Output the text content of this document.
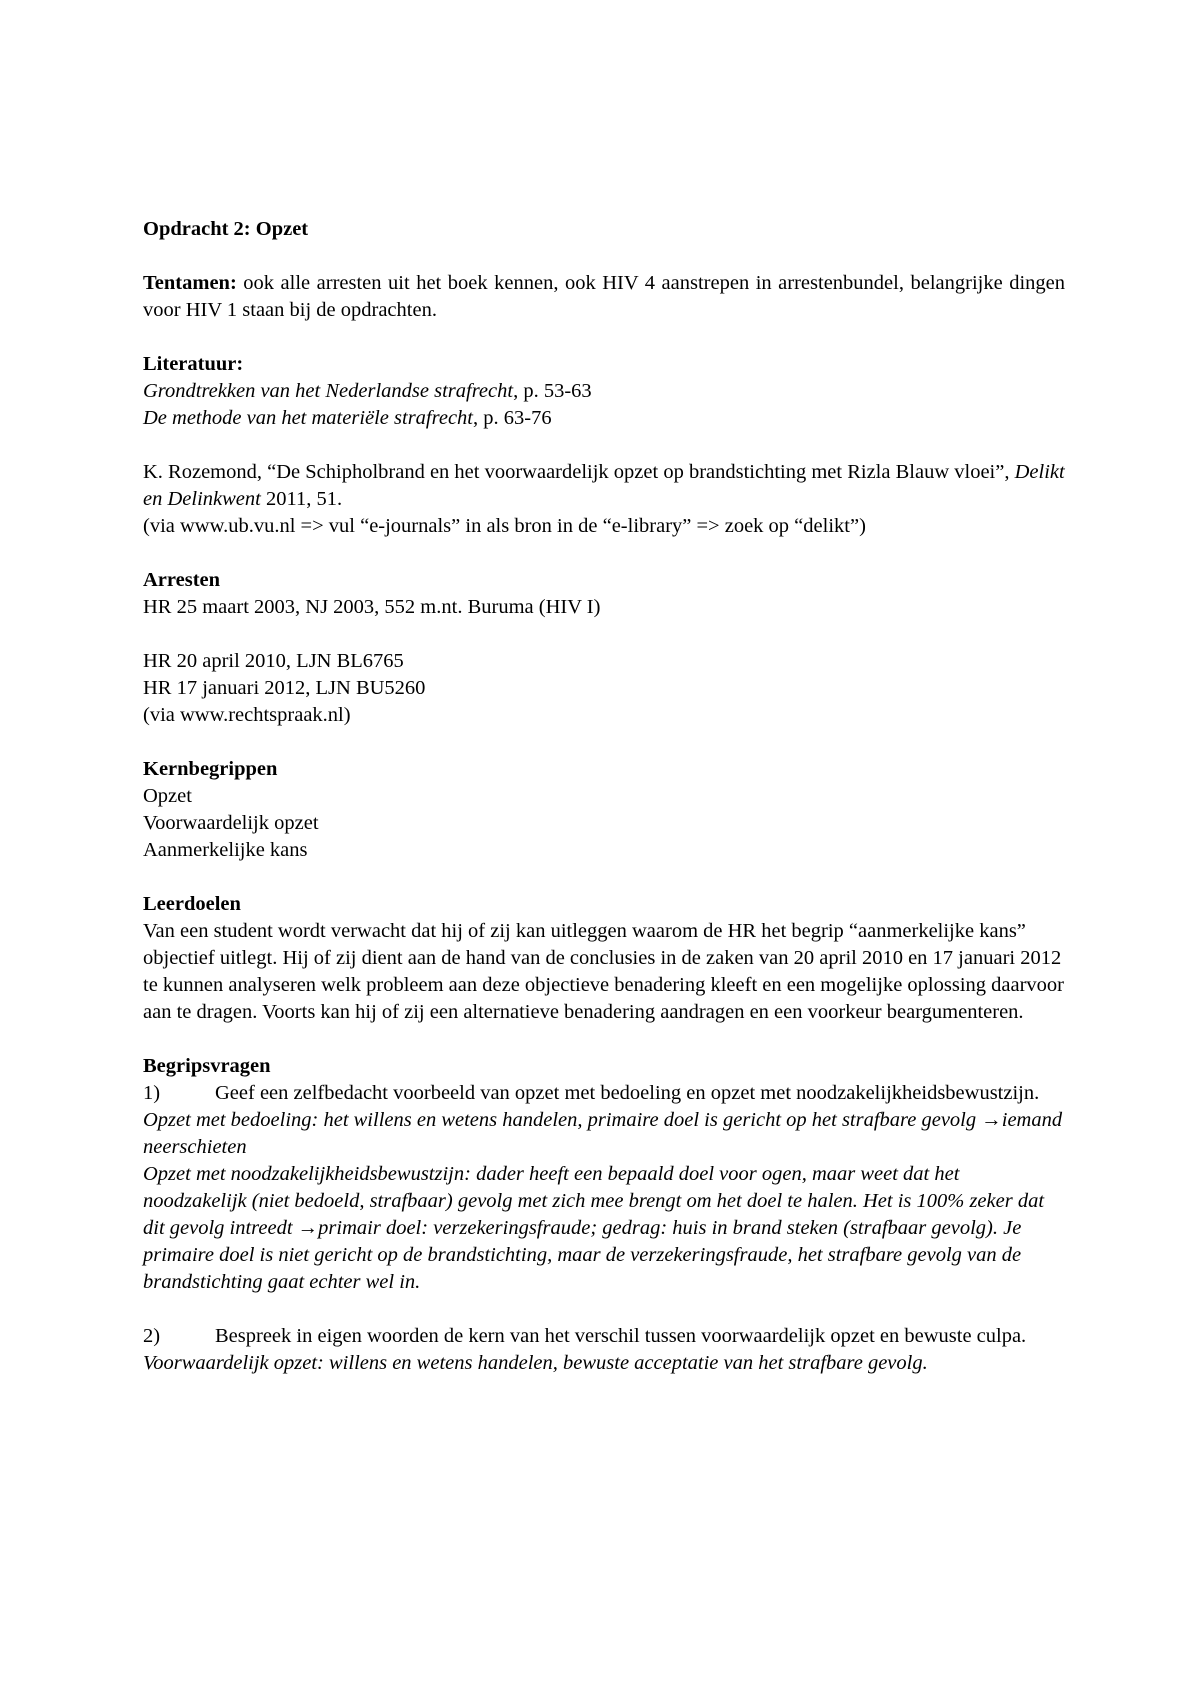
Opdracht 2: Opzet

Tentamen: ook alle arresten uit het boek kennen, ook HIV 4 aanstrepen in arrestenbundel, belangrijke dingen voor HIV 1 staan bij de opdrachten.

Literatuur:

Grondtrekken van het Nederlandse strafrecht, p. 53-63

De methode van het materiële strafrecht, p. 63-76

K. Rozemond, “De Schipholbrand en het voorwaardelijk opzet op brandstichting met Rizla Blauw vloei”, Delikt en Delinkwent 2011, 51.

(via www.ub.vu.nl => vul “e-journals” in als bron in de “e-library” => zoek op “delikt”)

Arresten

HR 25 maart 2003, NJ 2003, 552 m.nt. Buruma (HIV I)

HR 20 april 2010, LJN BL6765

HR 17 januari 2012, LJN BU5260

(via www.rechtspraak.nl)

Kernbegrippen

Opzet

Voorwaardelijk opzet

Aanmerkelijke kans

Leerdoelen

Van een student wordt verwacht dat hij of zij kan uitleggen waarom de HR het begrip “aanmerkelijke kans” objectief uitlegt. Hij of zij dient aan de hand van de conclusies in de zaken van 20 april 2010 en 17 januari 2012 te kunnen analyseren welk probleem aan deze objectieve benadering kleeft en een mogelijke oplossing daarvoor aan te dragen. Voorts kan hij of zij een alternatieve benadering aandragen en een voorkeur beargumenteren.

Begripsvragen

1)	Geef een zelfbedacht voorbeeld van opzet met bedoeling en opzet met noodzakelijkheidsbewustzijn.

Opzet met bedoeling: het willens en wetens handelen, primaire doel is gericht op het strafbare gevolg →iemand neerschieten

Opzet met noodzakelijkheidsbewustzijn: dader heeft een bepaald doel voor ogen, maar weet dat het noodzakelijk (niet bedoeld, strafbaar) gevolg met zich mee brengt om het doel te halen. Het is 100% zeker dat dit gevolg intreedt →primair doel: verzekeringsfraude; gedrag: huis in brand steken (strafbaar gevolg). Je primaire doel is niet gericht op de brandstichting, maar de verzekeringsfraude, het strafbare gevolg van de brandstichting gaat echter wel in.

2)	Bespreek in eigen woorden de kern van het verschil tussen voorwaardelijk opzet en bewuste culpa.

Voorwaardelijk opzet: willens en wetens handelen, bewuste acceptatie van het strafbare gevolg.
